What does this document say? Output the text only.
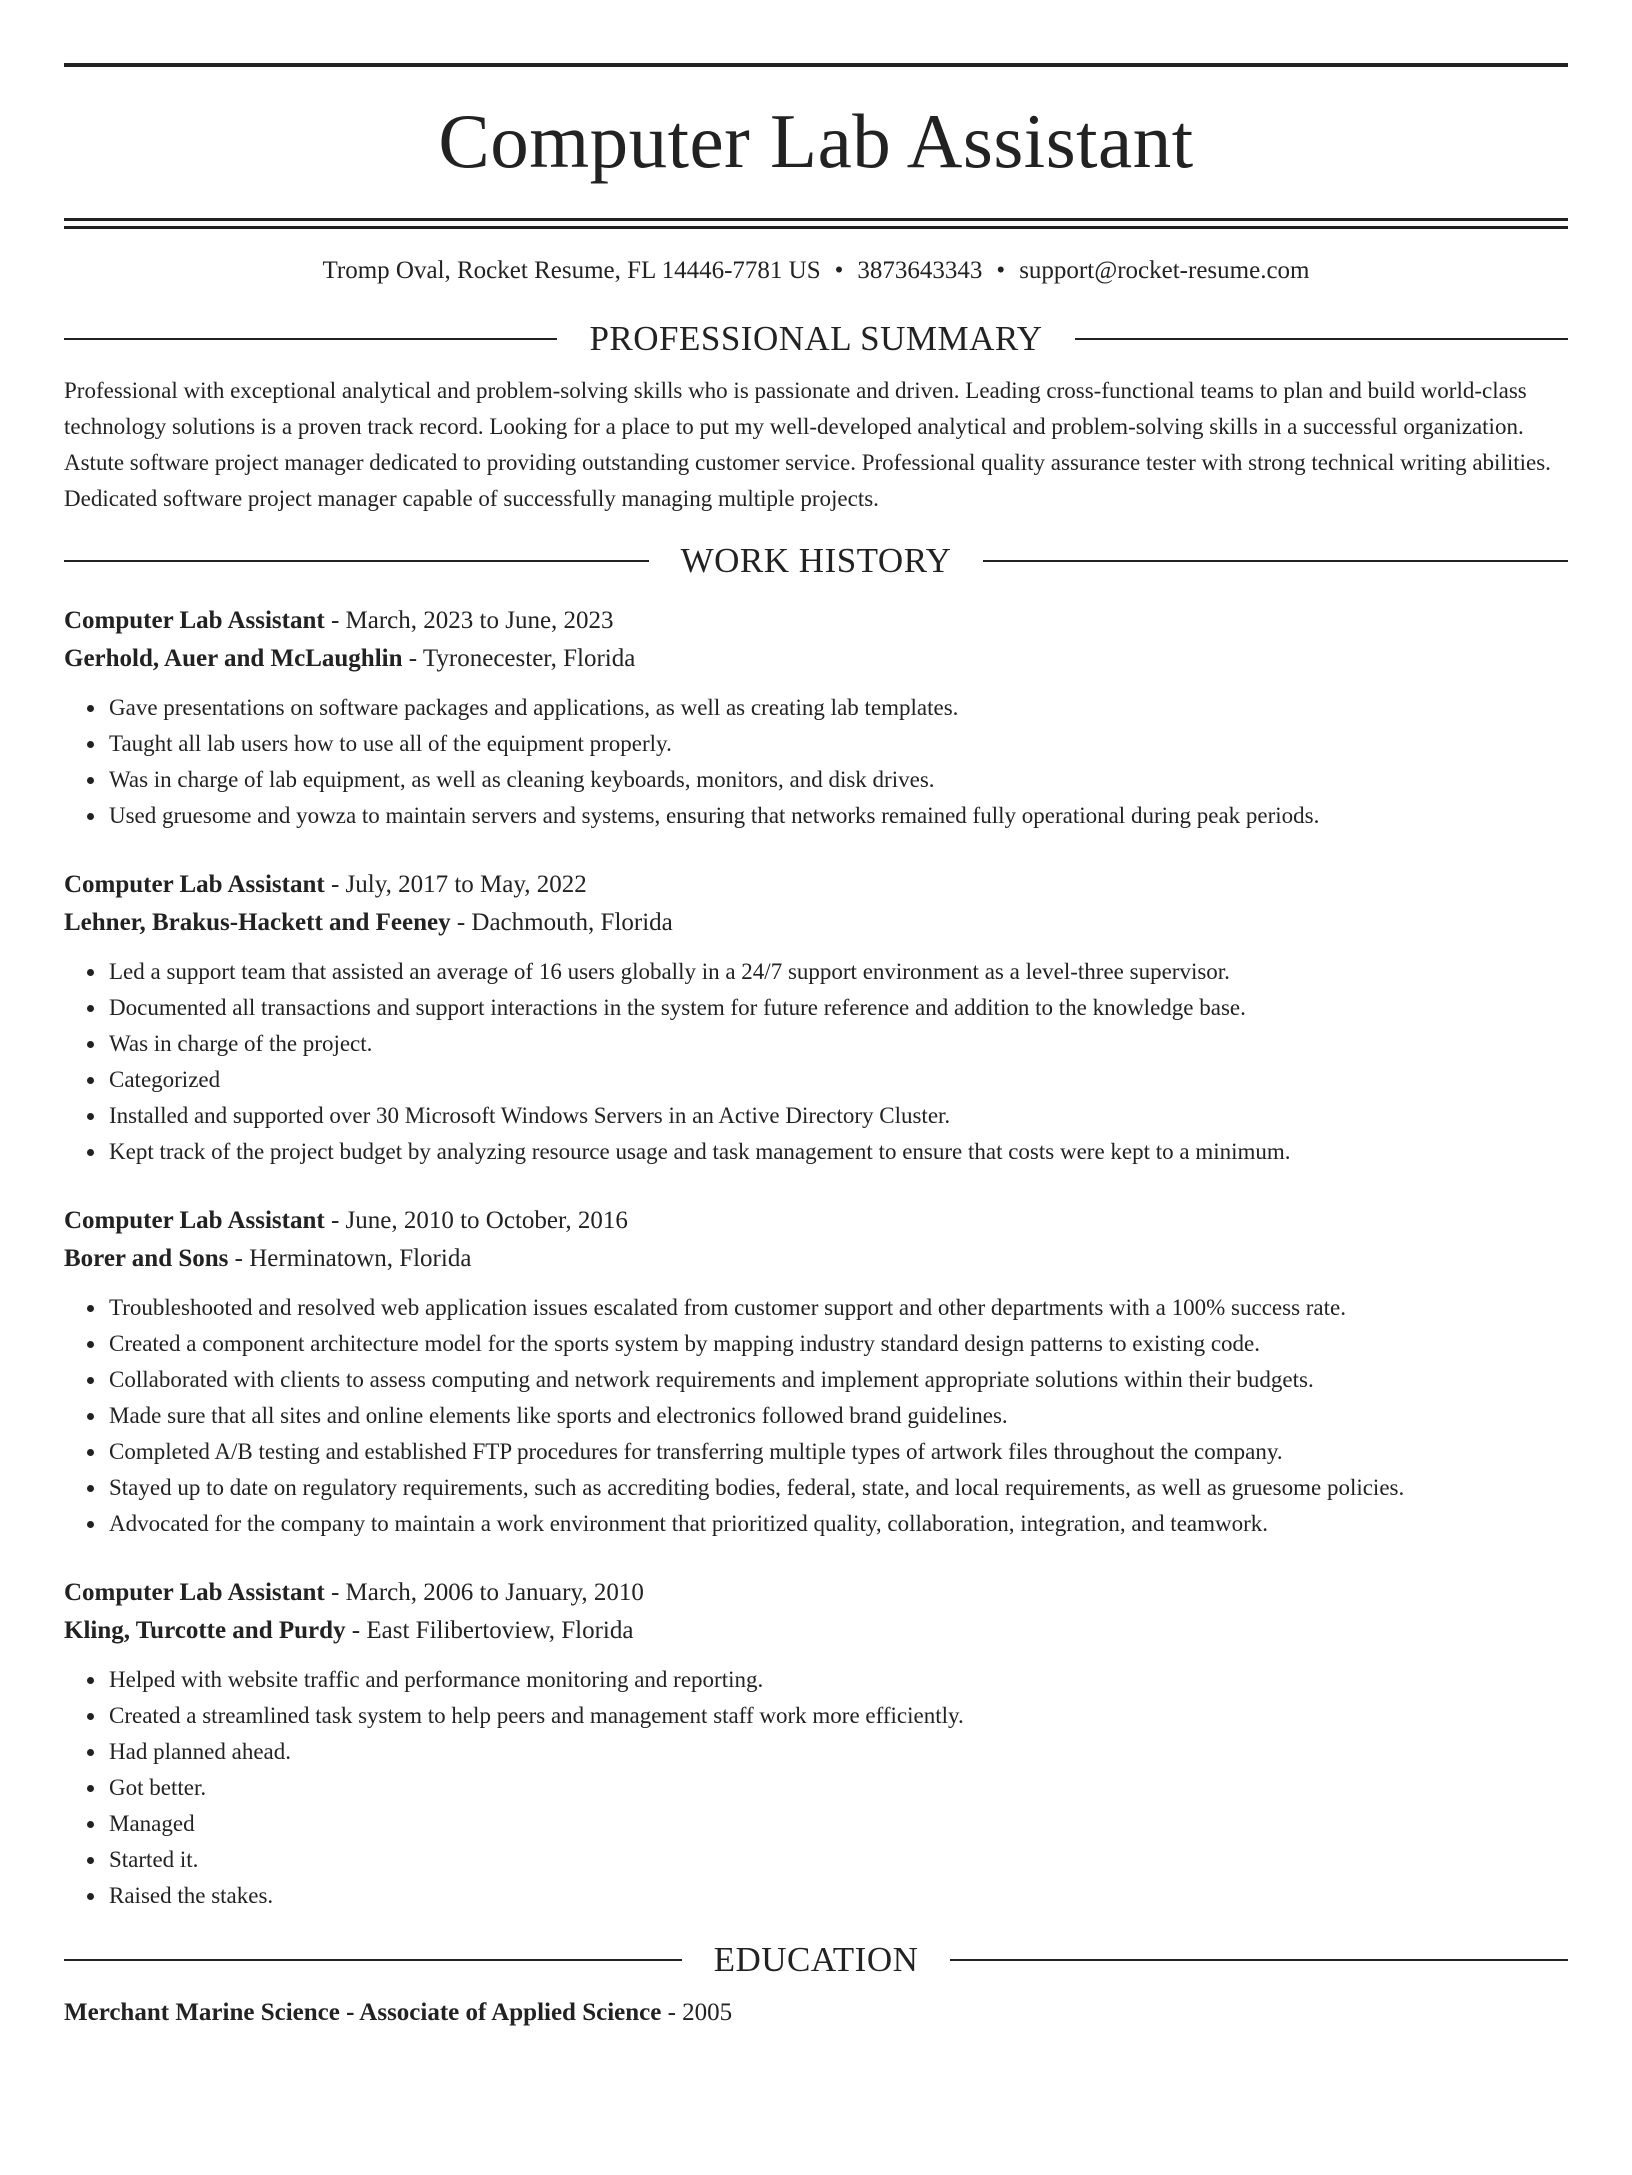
Computer Lab Assistant
Tromp Oval, Rocket Resume, FL 14446-7781 US • 3873643343 • support@rocket-resume.com
PROFESSIONAL SUMMARY
Professional with exceptional analytical and problem-solving skills who is passionate and driven. Leading cross-functional teams to plan and build world-class technology solutions is a proven track record. Looking for a place to put my well-developed analytical and problem-solving skills in a successful organization. Astute software project manager dedicated to providing outstanding customer service. Professional quality assurance tester with strong technical writing abilities. Dedicated software project manager capable of successfully managing multiple projects.
WORK HISTORY
Computer Lab Assistant - March, 2023 to June, 2023
Gerhold, Auer and McLaughlin - Tyronecester, Florida
• Gave presentations on software packages and applications, as well as creating lab templates.
• Taught all lab users how to use all of the equipment properly.
• Was in charge of lab equipment, as well as cleaning keyboards, monitors, and disk drives.
• Used gruesome and yowza to maintain servers and systems, ensuring that networks remained fully operational during peak periods.
Computer Lab Assistant - July, 2017 to May, 2022
Lehner, Brakus-Hackett and Feeney - Dachmouth, Florida
• Led a support team that assisted an average of 16 users globally in a 24/7 support environment as a level-three supervisor.
• Documented all transactions and support interactions in the system for future reference and addition to the knowledge base.
• Was in charge of the project.
• Categorized
• Installed and supported over 30 Microsoft Windows Servers in an Active Directory Cluster.
• Kept track of the project budget by analyzing resource usage and task management to ensure that costs were kept to a minimum.
Computer Lab Assistant - June, 2010 to October, 2016
Borer and Sons - Herminatown, Florida
• Troubleshooted and resolved web application issues escalated from customer support and other departments with a 100% success rate.
• Created a component architecture model for the sports system by mapping industry standard design patterns to existing code.
• Collaborated with clients to assess computing and network requirements and implement appropriate solutions within their budgets.
• Made sure that all sites and online elements like sports and electronics followed brand guidelines.
• Completed A/B testing and established FTP procedures for transferring multiple types of artwork files throughout the company.
• Stayed up to date on regulatory requirements, such as accrediting bodies, federal, state, and local requirements, as well as gruesome policies.
• Advocated for the company to maintain a work environment that prioritized quality, collaboration, integration, and teamwork.
Computer Lab Assistant - March, 2006 to January, 2010
Kling, Turcotte and Purdy - East Filibertoview, Florida
• Helped with website traffic and performance monitoring and reporting.
• Created a streamlined task system to help peers and management staff work more efficiently.
• Had planned ahead.
• Got better.
• Managed
• Started it.
• Raised the stakes.
EDUCATION
Merchant Marine Science - Associate of Applied Science - 2005
